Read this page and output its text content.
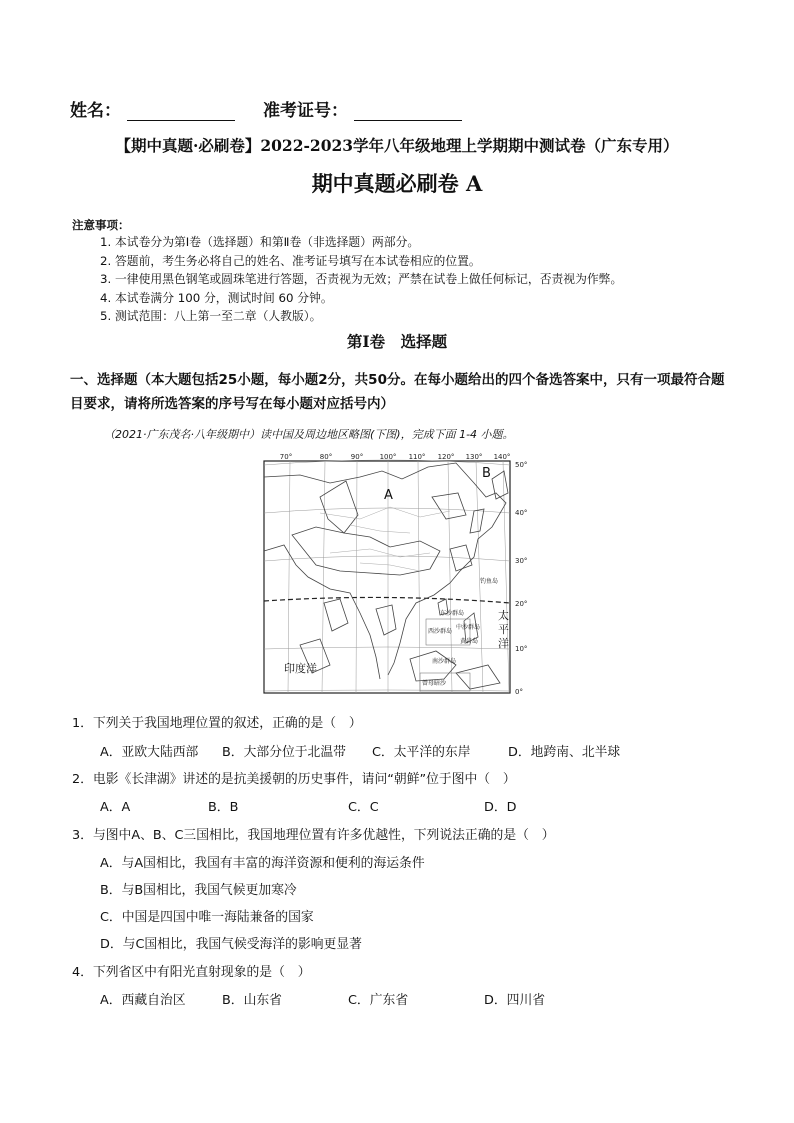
姓名：	准考证号：
【期中真题·必刷卷】2022-2023学年八年级地理上学期期中测试卷（广东专用）
期中真题必刷卷 A
注意事项：
1. 本试卷分为第Ⅰ卷（选择题）和第Ⅱ卷（非选择题）两部分。
2. 答题前，考生务必将自己的姓名、准考证号填写在本试卷相应的位置。
3. 一律使用黑色钢笔或圆珠笔进行答题，否责视为无效；严禁在试卷上做任何标记，否责视为作弊。
4. 本试卷满分 100 分，测试时间 60 分钟。
5. 测试范围：八上第一至二章（人教版）。
第Ⅰ卷　选择题
一、选择题（本大题包括25小题，每小题2分，共50分。在每小题给出的四个备选答案中，只有一项最符合题目要求，请将所选答案的序号写在每小题对应括号内）
（2021·广东茂名·八年级期中）读中国及周边地区略图(下图)，完成下面 1-4 小题。
70°	80°	90° 100° 110° 120° 130° 140°
50°
40°
30°
20°
10°
0°
A
B
印度洋
太
平
洋
钓鱼岛
东沙群岛
西沙群岛
中沙群岛
黄岩岛
南沙群岛
曾母暗沙
1．下列关于我国地理位置的叙述，正确的是（　）
A．亚欧大陆西部 B．大部分位于北温带 C．太平洋的东岸	D．地跨南、北半球
2．电影《长津湖》讲述的是抗美援朝的历史事件，请问“朝鲜”位于图中（　）
A．A	B．B	C．C	D．D
3．与图中A、B、C三国相比，我国地理位置有许多优越性，下列说法正确的是（　）
A．与A国相比，我国有丰富的海洋资源和便利的海运条件
B．与B国相比，我国气候更加寒冷
C．中国是四国中唯一海陆兼备的国家
D．与C国相比，我国气候受海洋的影响更显著
4．下列省区中有阳光直射现象的是（　）
A．西藏自治区	B．山东省	C．广东省	D．四川省
